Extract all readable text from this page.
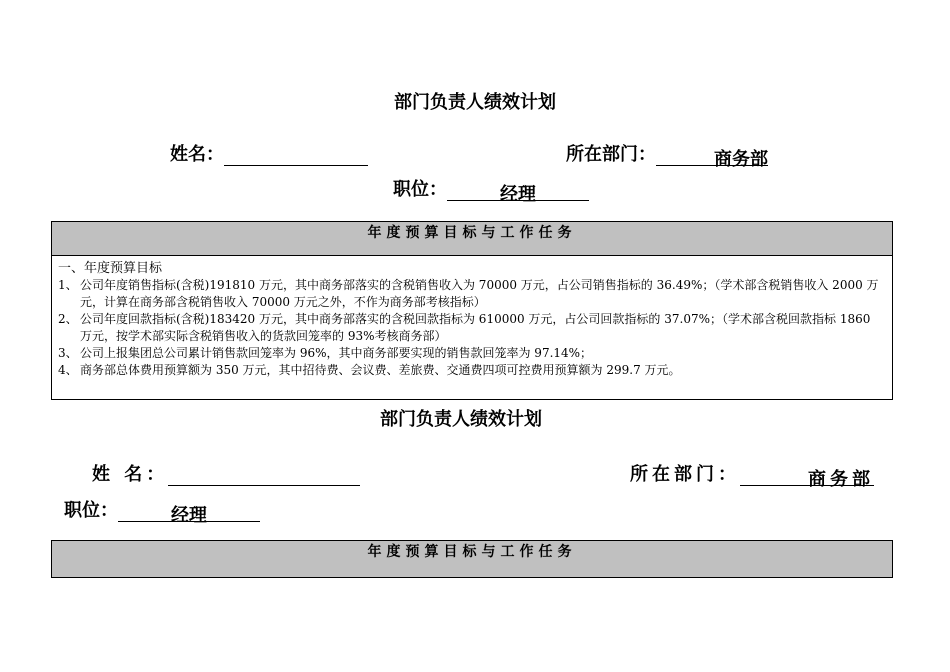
部门负责人绩效计划
姓名：	所在部门：	商务部
职位：	经理
年度预算目标与工作任务
一、年度预算目标
1、 公司年度销售指标(含税)191810 万元，其中商务部落实的含税销售收入为 70000 万元，占公司销售指标的 36.49%；（学术部含税销售收入 2000 万元，计算在商务部含税销售收入 70000 万元之外，不作为商务部考核指标）
2、 公司年度回款指标(含税)183420 万元，其中商务部落实的含税回款指标为 610000 万元，占公司回款指标的 37.07%；（学术部含税回款指标 1860 万元，按学术部实际含税销售收入的货款回笼率的 93%考核商务部）
3、 公司上报集团总公司累计销售款回笼率为 96%，其中商务部要实现的销售款回笼率为 97.14%；
4、 商务部总体费用预算额为 350 万元，其中招待费、会议费、差旅费、交通费四项可控费用预算额为 299.7 万元。
部门负责人绩效计划
姓 名：	所在部门：	商务部
职位：	经理
年度预算目标与工作任务
